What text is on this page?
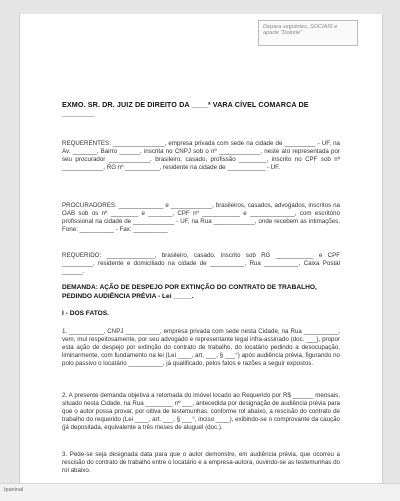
Depara seguintes, SOCIAIS e aparte "Dolorie"
EXMO. SR. DR. JUIZ DE DIREITO DA ____ª VARA CÍVEL COMARCA DE ________
REQUERENTES: _______________, empresa privada com sede na cidade de _________ - UF, na Av. _______, Bairro ______, inscrita no CNPJ sob o nº ____________, neste ato representada por seu procurador ____________, brasileiro, casado, profissão ________, inscrito no CPF sob nº ____________, RG nº __________, residente na cidade de ___________ - UF.
PROCURADORES: _____________ e ____________, brasileiros, casados, advogados, inscritos na OAB sob os nº ________ e _______, CPF nº ___________ e _____________, com escritório profissional na cidade de ____________ - UF, na Rua ____________, onde recebem as intimações. Fone: __________ - Fax: __________
REQUERIDO: ______________, brasileiro, casado, inscrito sob RG ___________ e CPF _________, residente e domiciliado na cidade de __________, Rua __________, Caixa Postal ______.
DEMANDA: AÇÃO DE DESPEJO POR EXTINÇÃO DO CONTRATO DE TRABALHO, PEDINDO AUDIÊNCIA PRÉVIA - Lei _____.
I - DOS FATOS.
1. __________, CNPJ __________, empresa privada com sede nesta Cidade, na Rua __________, vem, mui respeitosamente, por seu advogado e representante legal infra-assinado (doc. ___), propor esta ação de despejo por extinção do contrato de trabalho, do locatário pedindo a desocupação, liminarmente, com fundamento na lei (Lei ____, art. ___, § ___°) após audiência prévia, figurando no polo passivo o locatário __________, já qualificado, pelos fatos e razões a seguir expostos.
2. A presente demanda objetiva a retomada do imóvel locado ao Requerido por R$ ______ mensais, situado nesta Cidade, na Rua ________ nº ___, antecedida por designação de audiência prévia para que o autor possa provar, por oitiva de testemunhas, conforme rol abaixo, a rescisão do contrato de trabalho do requerido (Lei ____, art. ___, § ___°, inciso ____), exibindo-se o comprovante da caução (já depositada, equivalente a três meses de aluguel (doc.).
3. Pede-se seja designada data para que o autor demonstre, em audiência prévia, que ocorreu a rescisão do contrato de trabalho entre o locatário e a empresa-autora, ouvindo-se as testemunhas do rol abaixo.
Ipaninal
